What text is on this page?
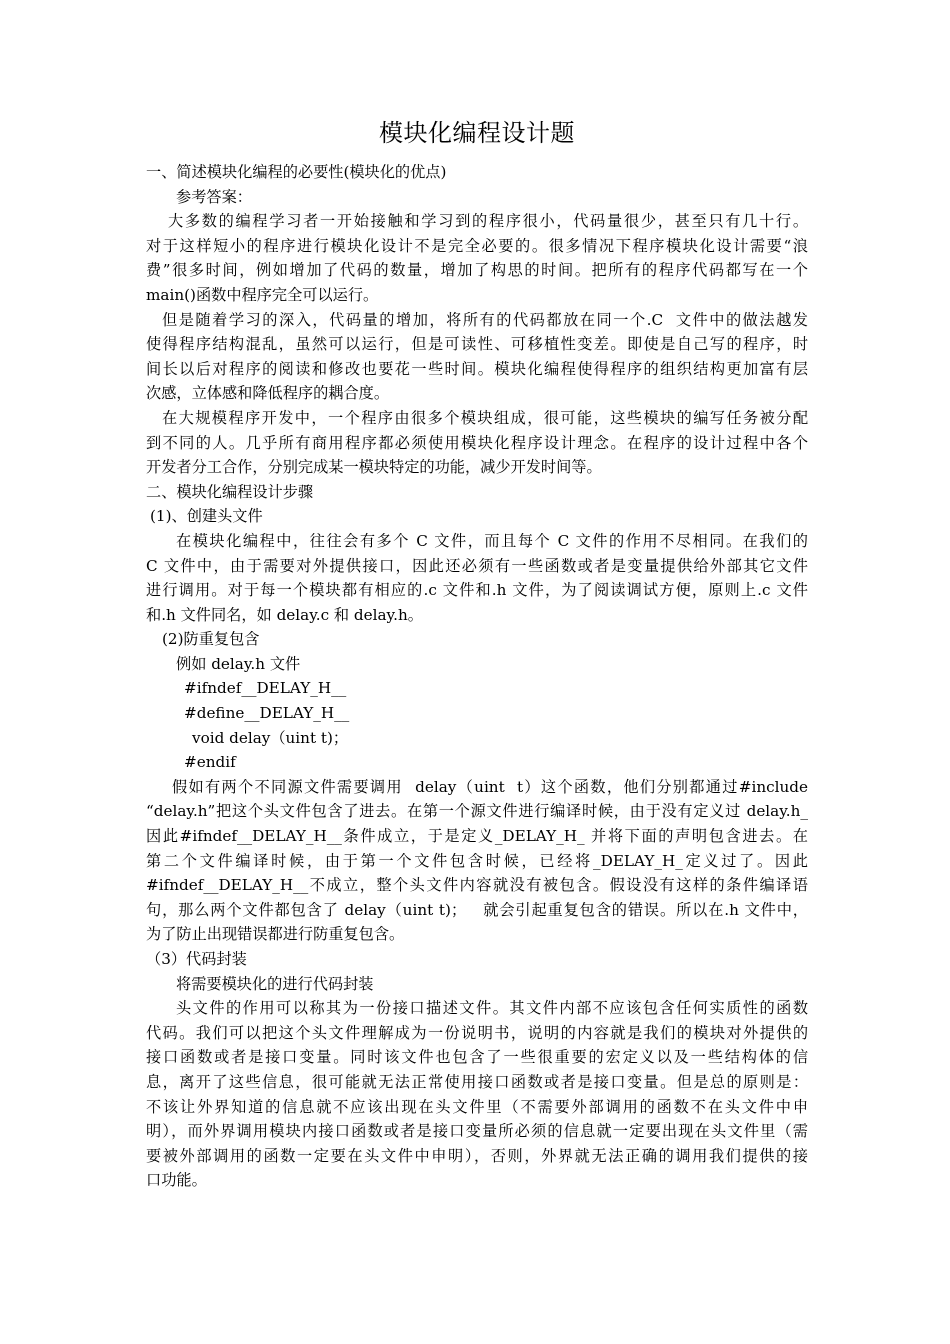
模块化编程设计题
一、简述模块化编程的必要性(模块化的优点)
参考答案：
大多数的编程学习者一开始接触和学习到的程序很小，代码量很少，甚至只有几十行。
对于这样短小的程序进行模块化设计不是完全必要的。很多情况下程序模块化设计需要“浪
费”很多时间，例如增加了代码的数量，增加了构思的时间。把所有的程序代码都写在一个
main()函数中程序完全可以运行。
但是随着学习的深入，代码量的增加，将所有的代码都放在同一个.C  文件中的做法越发
使得程序结构混乱，虽然可以运行，但是可读性、可移植性变差。即使是自己写的程序，时
间长以后对程序的阅读和修改也要花一些时间。模块化编程使得程序的组织结构更加富有层
次感，立体感和降低程序的耦合度。
在大规模程序开发中，一个程序由很多个模块组成，很可能，这些模块的编写任务被分配
到不同的人。几乎所有商用程序都必须使用模块化程序设计理念。在程序的设计过程中各个
开发者分工合作，分别完成某一模块特定的功能，减少开发时间等。
二、模块化编程设计步骤
(1)、创建头文件
在模块化编程中，往往会有多个 C 文件，而且每个 C 文件的作用不尽相同。在我们的
C 文件中，由于需要对外提供接口，因此还必须有一些函数或者是变量提供给外部其它文件
进行调用。对于每一个模块都有相应的.c 文件和.h 文件，为了阅读调试方便，原则上.c 文件
和.h 文件同名，如 delay.c 和 delay.h。
(2)防重复包含
例如 delay.h 文件
#ifndef__DELAY_H__
#define__DELAY_H__
void delay（uint t)；
#endif
假如有两个不同源文件需要调用  delay（uint  t）这个函数，他们分别都通过#include
“delay.h”把这个头文件包含了进去。在第一个源文件进行编译时候，由于没有定义过 delay.h_
因此#ifndef__DELAY_H__条件成立，于是定义_DELAY_H_ 并将下面的声明包含进去。在
第二个文件编译时候，由于第一个文件包含时候，已经将_DELAY_H_定义过了。因此
#ifndef__DELAY_H__不成立，整个头文件内容就没有被包含。假设没有这样的条件编译语
句，那么两个文件都包含了 delay（uint t)；   就会引起重复包含的错误。所以在.h 文件中，
为了防止出现错误都进行防重复包含。
（3）代码封装
将需要模块化的进行代码封装
头文件的作用可以称其为一份接口描述文件。其文件内部不应该包含任何实质性的函数
代码。我们可以把这个头文件理解成为一份说明书，说明的内容就是我们的模块对外提供的
接口函数或者是接口变量。同时该文件也包含了一些很重要的宏定义以及一些结构体的信
息，离开了这些信息，很可能就无法正常使用接口函数或者是接口变量。但是总的原则是：
不该让外界知道的信息就不应该出现在头文件里（不需要外部调用的函数不在头文件中申
明），而外界调用模块内接口函数或者是接口变量所必须的信息就一定要出现在头文件里（需
要被外部调用的函数一定要在头文件中申明），否则，外界就无法正确的调用我们提供的接
口功能。
